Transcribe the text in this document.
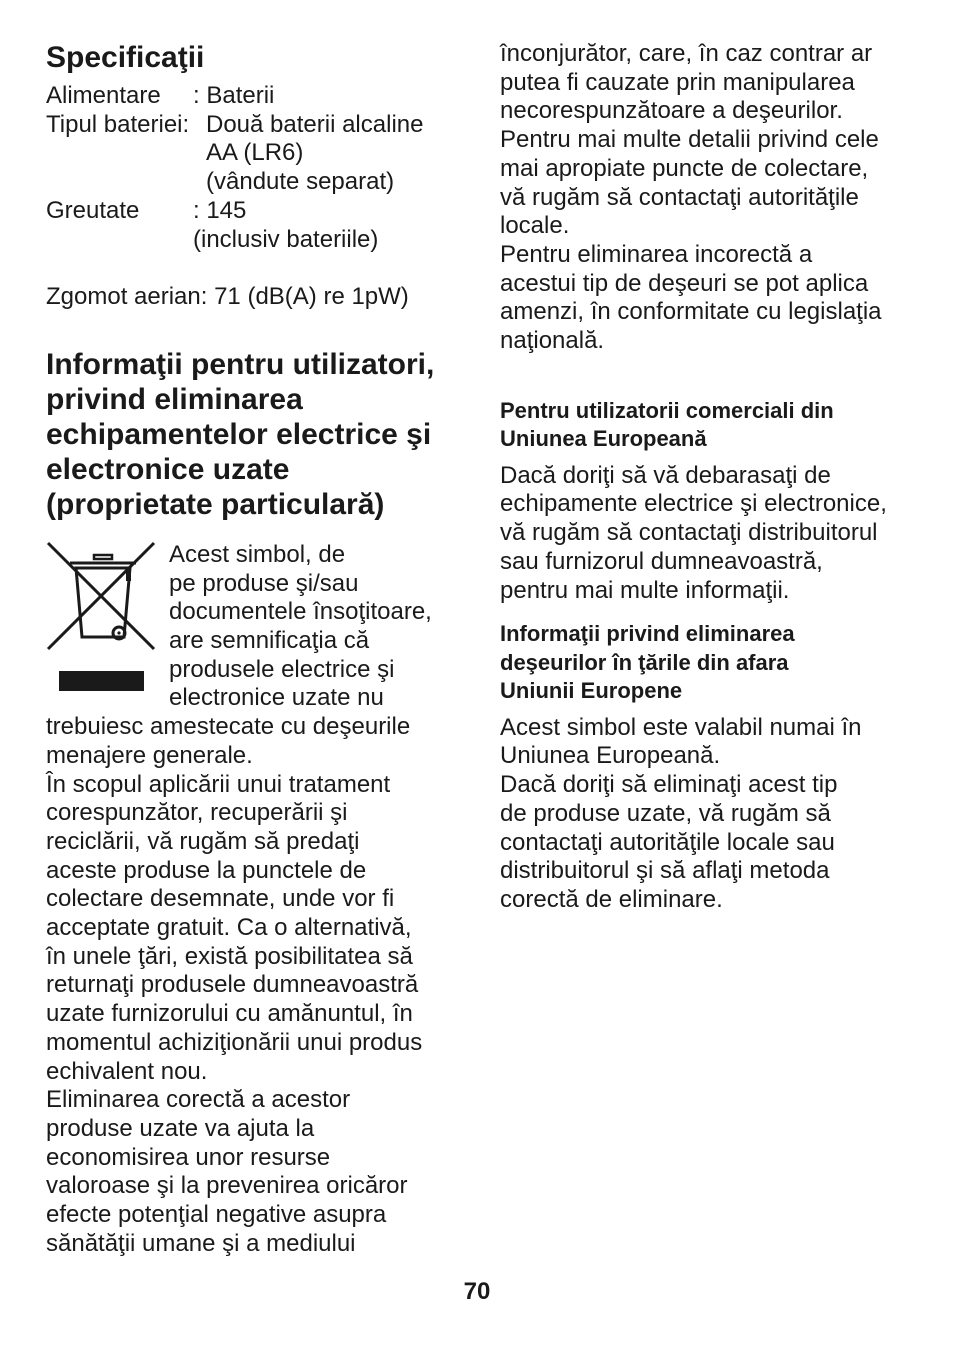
Specificaţii
Alimentare	: Baterii
Tipul bateriei: Două baterii alcaline
AA (LR6)
(vândute separat)
Greutate	: 145
(inclusiv bateriile)

Zgomot aerian: 71 (dB(A) re 1pW)

Informaţii pentru utilizatori, privind eliminarea echipamentelor electrice şi electronice uzate (proprietate particulară)

Acest simbol, de
pe produse şi/sau
documentele însoţitoare,
are semnificaţia că
produsele electrice şi
electronice uzate nu

trebuiesc amestecate cu deşeurile
menajere generale.

În scopul aplicării unui tratament
corespunzător, recuperării şi
reciclării, vă rugăm să predaţi
aceste produse la punctele de
colectare desemnate, unde vor fi
acceptate gratuit. Ca o alternativă,
în unele ţări, există posibilitatea să
returnaţi produsele dumneavoastră
uzate furnizorului cu amănuntul, în
momentul achiziţionării unui produs
echivalent nou.

Eliminarea corectă a acestor
produse uzate va ajuta la
economisirea unor resurse
valoroase şi la prevenirea oricăror
efecte potenţial negative asupra
sănătăţii umane şi a mediului

înconjurător, care, în caz contrar ar
putea fi cauzate prin manipularea
necorespunzătoare a deşeurilor.

Pentru mai multe detalii privind cele
mai apropiate puncte de colectare,
vă rugăm să contactaţi autorităţile
locale.

Pentru eliminarea incorectă a
acestui tip de deşeuri se pot aplica
amenzi, în conformitate cu legislaţia
naţională.

Pentru utilizatorii comerciali din
Uniunea Europeană

Dacă doriţi să vă debarasaţi de
echipamente electrice şi electronice,
vă rugăm să contactaţi distribuitorul
sau furnizorul dumneavoastră,
pentru mai multe informaţii.

Informaţii privind eliminarea
deşeurilor în ţările din afara
Uniunii Europene

Acest simbol este valabil numai în
Uniunea Europeană.

Dacă doriţi să eliminaţi acest tip
de produse uzate, vă rugăm să
contactaţi autorităţile locale sau
distribuitorul şi să aflaţi metoda
corectă de eliminare.

70
